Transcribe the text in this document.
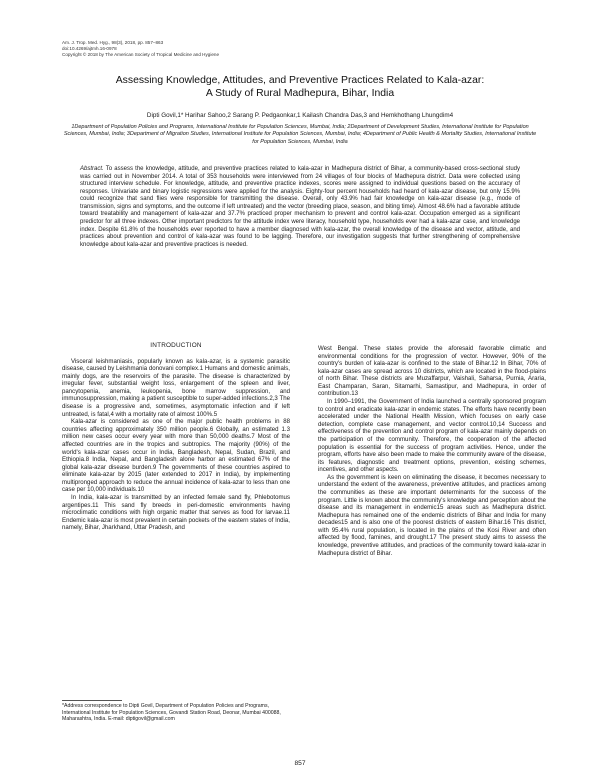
Am. J. Trop. Med. Hyg., 98(3), 2018, pp. 857–863
doi:10.4269/ajtmh.16-0978
Copyright © 2018 by The American Society of Tropical Medicine and Hygiene
Assessing Knowledge, Attitudes, and Preventive Practices Related to Kala-azar:
A Study of Rural Madhepura, Bihar, India
Dipti Govil,1* Harihar Sahoo,2 Sarang P. Pedgaonkar,1 Kailash Chandra Das,3 and Hemkhothang Lhungdim4
1Department of Population Policies and Programs, International Institute for Population Sciences, Mumbai, India; 2Department of Development Studies, International Institute for Population Sciences, Mumbai, India; 3Department of Migration Studies, International Institute for Population Sciences, Mumbai, India; 4Department of Public Health & Mortality Studies, International Institute for Population Sciences, Mumbai, India
Abstract. To assess the knowledge, attitude, and preventive practices related to kala-azar in Madhepura district of Bihar, a community-based cross-sectional study was carried out in November 2014. A total of 353 households were interviewed from 24 villages of four blocks of Madhepura district. Data were collected using structured interview schedule. For knowledge, attitude, and preventive practice indexes, scores were assigned to individual questions based on the accuracy of responses. Univariate and binary logistic regressions were applied for the analysis. Eighty-four percent households had heard of kala-azar disease, but only 15.9% could recognize that sand flies were responsible for transmitting the disease. Overall, only 43.9% had fair knowledge on kala-azar disease (e.g., mode of transmission, signs and symptoms, and the outcome if left untreated) and the vector (breeding place, season, and biting time). Almost 48.6% had a favorable attitude toward treatability and management of kala-azar and 37.7% practiced proper mechanism to prevent and control kala-azar. Occupation emerged as a significant predictor for all three indexes. Other important predictors for the attitude index were literacy, household type, households ever had a kala-azar case, and knowledge index. Despite 61.8% of the households ever reported to have a member diagnosed with kala-azar, the overall knowledge of the disease and vector, attitude, and practices about prevention and control of kala-azar was found to be lagging. Therefore, our investigation suggests that further strengthening of comprehensive knowledge about kala-azar and preventive practices is needed.
INTRODUCTION

Visceral leishmaniasis, popularly known as kala-azar, is a systemic parasitic disease, caused by Leishmania donovani complex.1 Humans and domestic animals, mainly dogs, are the reservoirs of the parasite. The disease is characterized by irregular fever, substantial weight loss, enlargement of the spleen and liver, pancytopenia, anemia, leukopenia, bone marrow suppression, and immunosuppression, making a patient susceptible to super-added infections.2,3 The disease is a progressive and, sometimes, asymptomatic infection and if left untreated, is fatal,4 with a mortality rate of almost 100%.5

Kala-azar is considered as one of the major public health problems in 88 countries affecting approximately 350 million people.6 Globally, an estimated 1.3 million new cases occur every year with more than 50,000 deaths.7 Most of the affected countries are in the tropics and subtropics. The majority (90%) of the world's kala-azar cases occur in India, Bangladesh, Nepal, Sudan, Brazil, and Ethiopia.8 India, Nepal, and Bangladesh alone harbor an estimated 67% of the global kala-azar disease burden.9 The governments of these countries aspired to eliminate kala-azar by 2015 (later extended to 2017 in India), by implementing multipronged approach to reduce the annual incidence of kala-azar to less than one case per 10,000 individuals.10

In India, kala-azar is transmitted by an infected female sand fly, Phlebotomus argentipes.11 This sand fly breeds in peri-domestic environments having microclimatic conditions with high organic matter that serves as food for larvae.11 Endemic kala-azar is most prevalent in certain pockets of the eastern states of India, namely, Bihar, Jharkhand, Uttar Pradesh, and

West Bengal. These states provide the aforesaid favorable climatic and environmental conditions for the progression of vector. However, 90% of the country's burden of kala-azar is confined to the state of Bihar.12 In Bihar, 70% of kala-azar cases are spread across 10 districts, which are located in the flood-plains of north Bihar. These districts are Muzaffarpur, Vaishali, Saharsa, Purnia, Araria, East Champaran, Saran, Sitamarhi, Samastipur, and Madhepura, in order of contribution.13

In 1990–1991, the Government of India launched a centrally sponsored program to control and eradicate kala-azar in endemic states. The efforts have recently been accelerated under the National Health Mission, which focuses on early case detection, complete case management, and vector control.10,14 Success and effectiveness of the prevention and control program of kala-azar mainly depends on the participation of the community. Therefore, the cooperation of the affected population is essential for the success of program activities. Hence, under the program, efforts have also been made to make the community aware of the disease, its features, diagnostic and treatment options, prevention, existing schemes, incentives, and other aspects.

As the government is keen on eliminating the disease, it becomes necessary to understand the extent of the awareness, preventive attitudes, and practices among the communities as these are important determinants for the success of the program. Little is known about the community's knowledge and perception about the disease and its management in endemic15 areas such as Madhepura district. Madhepura has remained one of the endemic districts of Bihar and India for many decades15 and is also one of the poorest districts of eastern Bihar.16 This district, with 95.4% rural population, is located in the plains of the Kosi River and often affected by flood, famines, and drought.17 The present study aims to assess the knowledge, preventive attitudes, and practices of the community toward kala-azar in Madhepura district of Bihar.

*Address correspondence to Dipti Govil, Department of Population Policies and Programs, International Institute for Population Sciences, Govandi Station Road, Deonar, Mumbai 400088, Maharashtra, India. E-mail: diptigovil@gmail.com
857
